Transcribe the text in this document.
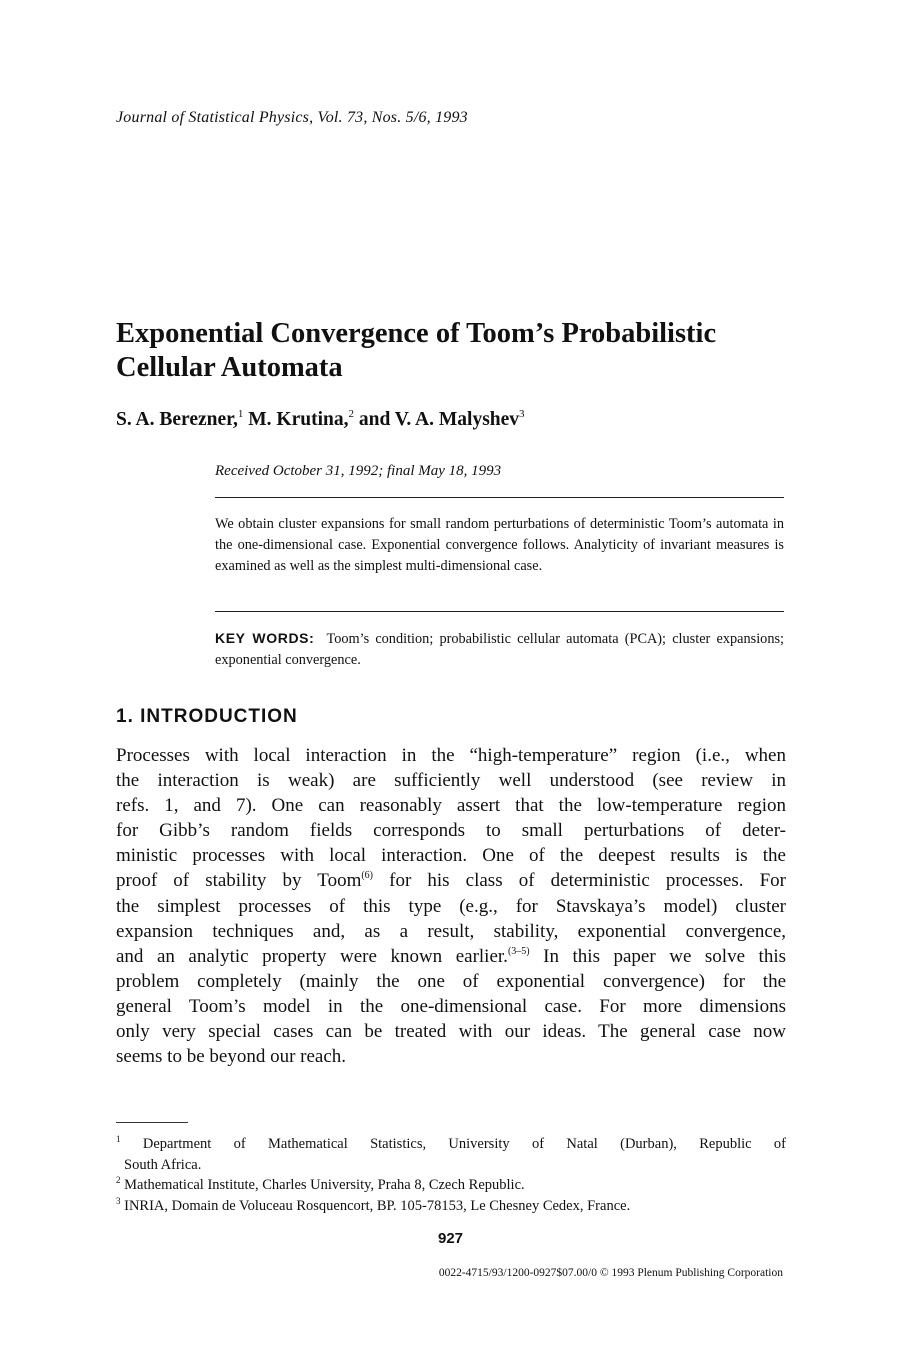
Journal of Statistical Physics, Vol. 73, Nos. 5/6, 1993
Exponential Convergence of Toom’s Probabilistic
Cellular Automata
S. A. Berezner,$^1$ M. Krutina,$^2$ and V. A. Malyshev$^3$
Received October 31, 1992; final May 18, 1993
We obtain cluster expansions for small random perturbations of deterministic Toom’s automata in the one-dimensional case. Exponential convergence follows. Analyticity of invariant measures is examined as well as the simplest multi-dimensional case.
KEY WORDS: Toom’s condition; probabilistic cellular automata (PCA); cluster expansions; exponential convergence.
1. INTRODUCTION
Processes with local interaction in the “high-temperature” region (i.e., when
the interaction is weak) are sufficiently well understood (see review in
refs. 1, and 7). One can reasonably assert that the low-temperature region
for Gibb’s random fields corresponds to small perturbations of deter-
ministic processes with local interaction. One of the deepest results is the
proof of stability by Toom$^{(6)}$ for his class of deterministic processes. For
the simplest processes of this type (e.g., for Stavskaya’s model) cluster
expansion techniques and, as a result, stability, exponential convergence,
and an analytic property were known earlier.$^{(3-5)}$ In this paper we solve this
problem completely (mainly the one of exponential convergence) for the
general Toom’s model in the one-dimensional case. For more dimensions
only very special cases can be treated with our ideas. The general case now
seems to be beyond our reach.
$^1$ Department of Mathematical Statistics, University of Natal (Durban), Republic of
South Africa.
$^2$ Mathematical Institute, Charles University, Praha 8, Czech Republic.
$^3$ INRIA, Domain de Voluceau Rosquencort, BP. 105-78153, Le Chesney Cedex, France.
927
0022-4715/93/1200-0927$07.00/0 © 1993 Plenum Publishing Corporation
